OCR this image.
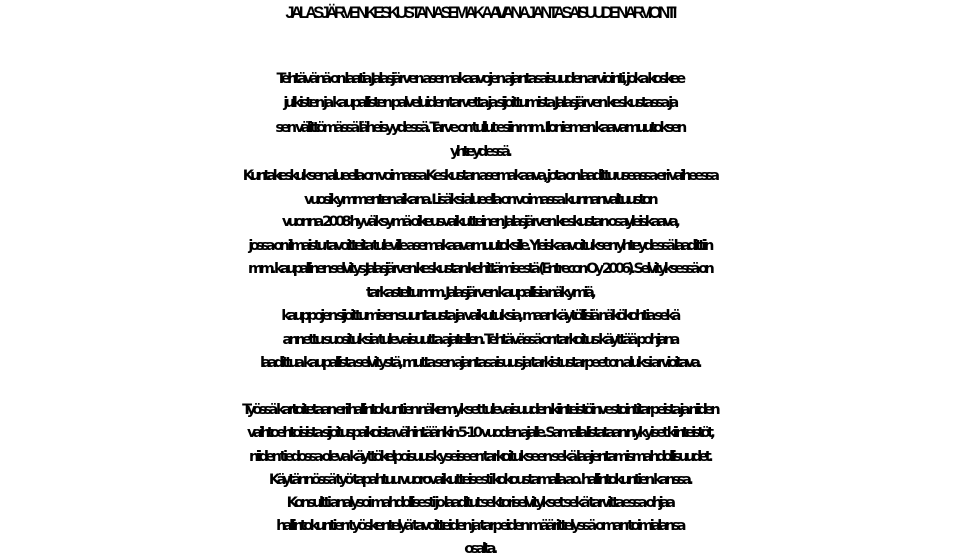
JALASJÄRVEN KESKUSTAN ASEMAKAAVAN AJANTASAISUUDEN ARVIOINTI
Tehtävänä on laatia Jalasjärven asemakaavojen ajantasaisuuden arviointi, joka koskee
julkisten ja kaupallisten palveluiden tarvetta ja sijoittumista Jalasjärven keskustassa ja
sen välittömässä läheisyydessä. Tarve on tullut esiin mm. Iloniemen kaavamuutoksen
yhteydessä.
Kuntakeskuksen alueella on voimassa Keskustan asemakaava, jota on laadittu useassa eri vaiheessa
vuosikymmenten aikana. Lisäksi alueella on voimassa kunnanvaltuuston
vuonna 2008 hyväksymä oikeusvaikutteinen Jalasjärven keskustan osayleiskaava,
jossa on ilmaistu tavoitteita tuleville asemakaavamuutoksille. Yleiskaavoituksen yhteydessä laadittiin
mm. kaupallinen selvitys Jalasjärven keskustan kehittämisestä (Entrecon Oy 2006). Selvityksessä on
tarkasteltu mm. Jalasjärven kaupallisia näkymiä,
kauppojen sijoittumisen suuntausta ja vaikutuksia, maankäytöllisiä näkökohtia sekä
annettu suosituksia tulevaisuutta ajatellen. Tehtävässä on tarkoitus käyttää pohjana
laadittua kaupallista selvitystä, mutta sen ajantasaisuus ja tarkistustarpeet on aluksi arvioitava.
Työssä kartoitetaan eri hallintokuntien näkemykset tulevaisuuden kiinteistöinvestointitarpeista ja niiden
vaihtoehtoisista sijoituspaikoista vähintäänkin 5-10 vuoden ajalle. Samalla listataan nykyiset kiinteistöt,
niiden tiedossa oleva käyttökelpoisuus kyseiseen tarkoitukseen sekä laajentamismahdollisuudet.
Käytännössä työ tapahtuu vuorovaikutteisesti kokoustamalla ao. hallintokuntien kanssa.
Konsultti analysoi mahdollisesti jo laaditut sektoriselvitykset sekä tarvittaessa ohjaa
hallintokuntien työskentelyä tavoitteiden ja tarpeiden määrittelyssä oman toimialansa
osalta.
